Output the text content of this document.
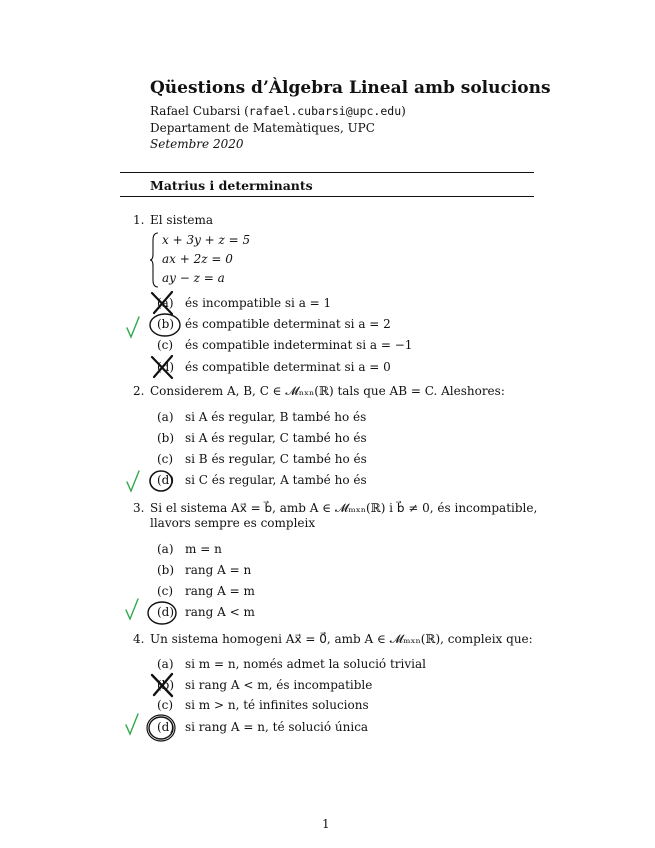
Qüestions d’Àlgebra Lineal amb solucions
Rafael Cubarsi (rafael.cubarsi@upc.edu)
Departament de Matemàtiques, UPC
Setembre 2020
Matrius i determinants
1. El sistema
x + 3y + z = 5
ax + 2z = 0
ay − z = a
(a) és incompatible si a = 1
(b) és compatible determinat si a = 2
(c) és compatible indeterminat si a = −1
(d) és compatible determinat si a = 0
2. Considerem A, B, C ∈ 𝓜ₙₓₙ(ℝ) tals que AB = C. Aleshores:
(a) si A és regular, B també ho és
(b) si A és regular, C també ho és
(c) si B és regular, C també ho és
(d) si C és regular, A també ho és
3. Si el sistema Ax⃗ = b⃗, amb A ∈ 𝓜ₘₓₙ(ℝ) i b⃗ ≠ 0, és incompatible,
llavors sempre es compleix
(a) m = n
(b) rang A = n
(c) rang A = m
(d) rang A < m
4. Un sistema homogeni Ax⃗ = 0⃗, amb A ∈ 𝓜ₘₓₙ(ℝ), compleix que:
(a) si m = n, només admet la solució trivial
(b) si rang A < m, és incompatible
(c) si m > n, té infinites solucions
(d) si rang A = n, té solució única
1
